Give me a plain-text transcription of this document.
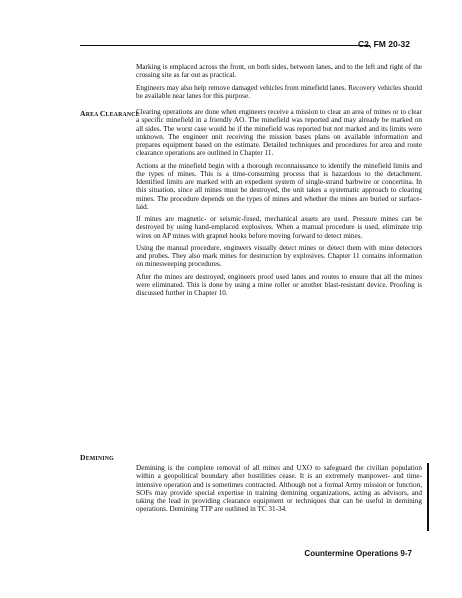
C2, FM 20-32

Marking is emplaced across the front, on both sides, between lanes, and to the left and right of the crossing site as far out as practical.

Engineers may also help remove damaged vehicles from minefield lanes. Recovery vehicles should be available near lanes for this purpose.

AREA CLEARANCE

Clearing operations are done when engineers receive a mission to clear an area of mines or to clear a specific minefield in a friendly AO. The minefield was reported and may already be marked on all sides. The worst case would be if the minefield was reported but not marked and its limits were unknown. The engineer unit receiving the mission bases plans on available information and prepares equipment based on the estimate. Detailed techniques and procedures for area and route clearance operations are outlined in Chapter 11.

Actions at the minefield begin with a thorough reconnaissance to identify the minefield limits and the types of mines. This is a time-consuming process that is hazardous to the detachment. Identified limits are marked with an expedient system of single-strand barbwire or concertina. In this situation, since all mines must be destroyed, the unit takes a systematic approach to clearing mines. The procedure depends on the types of mines and whether the mines are buried or surface-laid.

If mines are magnetic- or seismic-fused, mechanical assets are used. Pressure mines can be destroyed by using hand-emplaced explosives. When a manual procedure is used, eliminate trip wires on AP mines with grapnel hooks before moving forward to detect mines.

Using the manual procedure, engineers visually detect mines or detect them with mine detectors and probes. They also mark mines for destruction by explosives. Chapter 11 contains information on minesweeping procedures.

After the mines are destroyed, engineers proof used lanes and routes to ensure that all the mines were eliminated. This is done by using a mine roller or another blast-resistant device. Proofing is discussed further in Chapter 10.

DEMINING

Demining is the complete removal of all mines and UXO to safeguard the civilian population within a geopolitical boundary after hostilities cease. It is an extremely manpower- and time-intensive operation and is sometimes contracted. Although not a formal Army mission or function, SOFs may provide special expertise in training demining organizations, acting as advisors, and taking the lead in providing clearance equipment or techniques that can be useful in demining operations. Demining TTP are outlined in TC 31-34.

Countermine Operations 9-7
